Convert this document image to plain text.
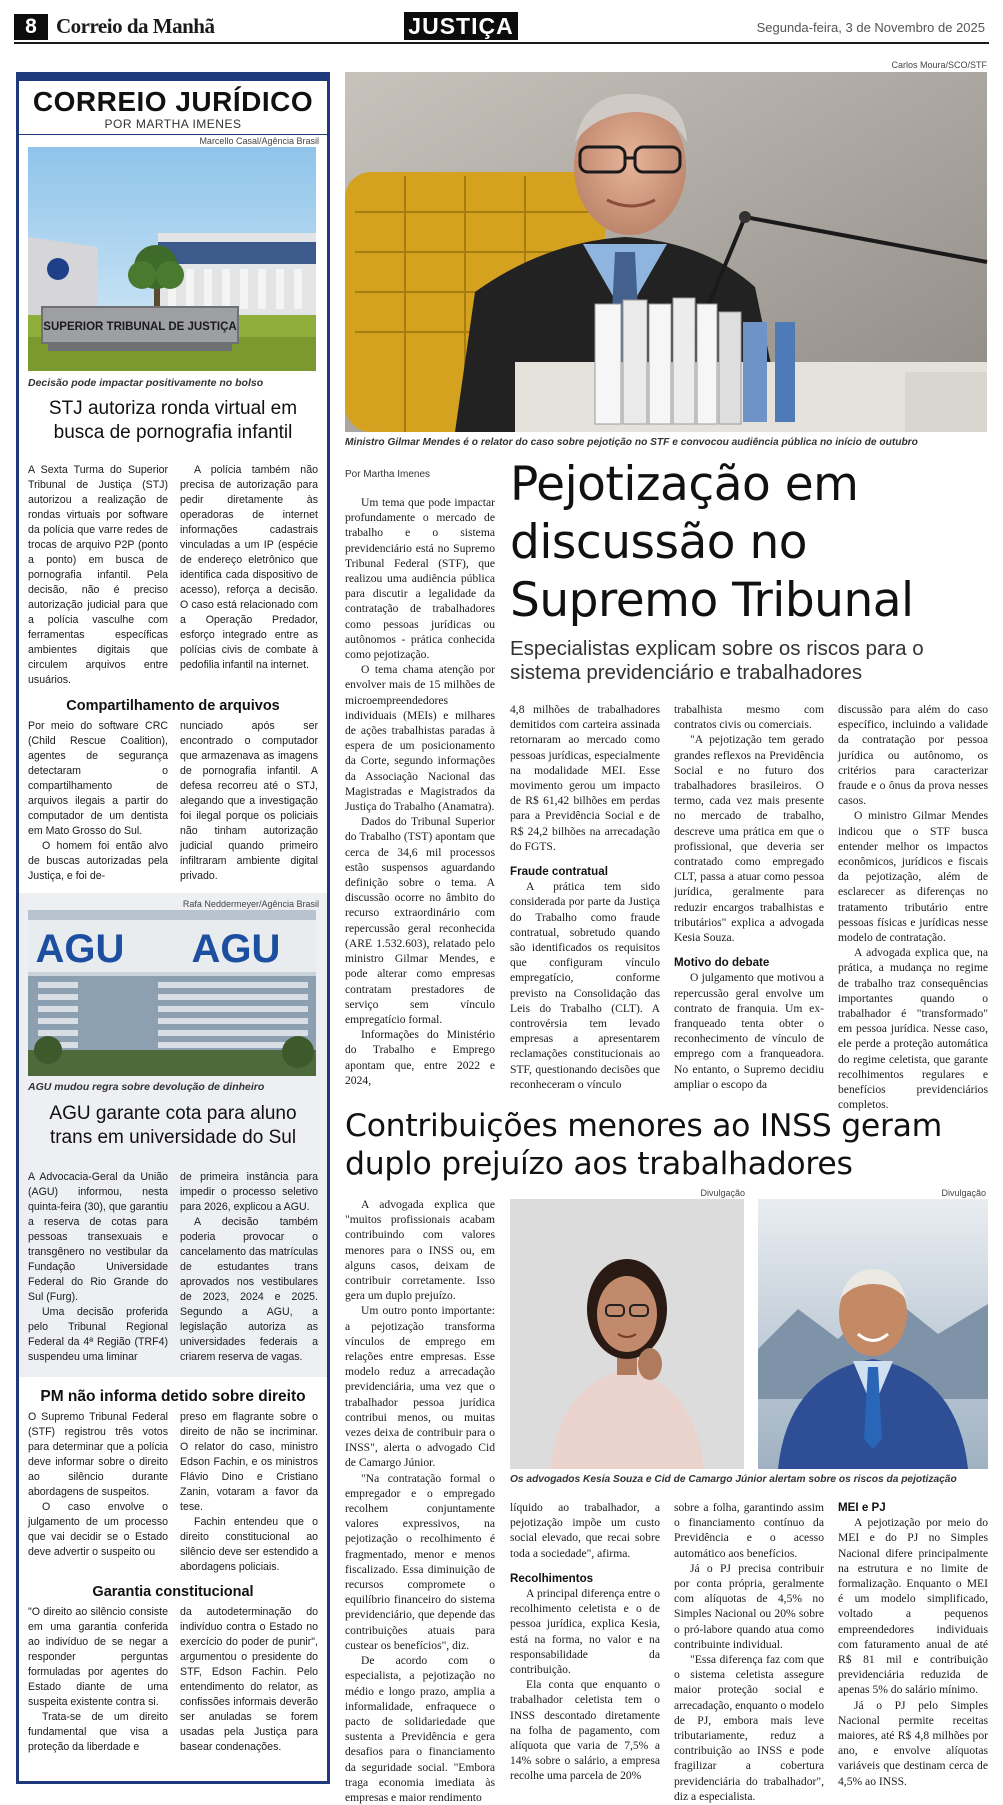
8 Correio da Manhã	JUSTIÇA	Segunda-feira, 3 de Novembro de 2025
CORREIO JURÍDICO
POR MARTHA IMENES
Marcello Casal/Agência Brasil
SUPERIOR TRIBUNAL DE JUSTIÇA
Decisão pode impactar positivamente no bolso
STJ autoriza ronda virtual em busca de pornografia infantil

A Sexta Turma do Superior Tribunal de Justiça (STJ) autorizou a realização de rondas virtuais por software da polícia que varre redes de trocas de arquivo P2P (ponto a ponto) em busca de pornografia infantil. Pela decisão, não é preciso autorização judicial para que a polícia vasculhe com ferramentas específicas ambientes digitais que circulem arquivos entre usuários.

A polícia também não precisa de autorização para pedir diretamente às operadoras de internet informações cadastrais vinculadas a um IP (espécie de endereço eletrônico que identifica cada dispositivo de acesso), reforça a decisão. O caso está relacionado com a Operação Predador, esforço integrado entre as polícias civis de combate à pedofilia infantil na internet.

Compartilhamento de arquivos

Por meio do software CRC (Child Rescue Coalition), agentes de segurança detectaram o compartilhamento de arquivos ilegais a partir do computador de um dentista em Mato Grosso do Sul.

O homem foi então alvo de buscas autorizadas pela Justiça, e foi de-

nunciado após ser encontrado o computador que armazenava as imagens de pornografia infantil. A defesa recorreu até o STJ, alegando que a investigação foi ilegal porque os policiais não tinham autorização judicial quando primeiro infiltraram ambiente digital privado.

Rafa Neddermeyer/Agência Brasil
AGU AGU
AGU mudou regra sobre devolução de dinheiro
AGU garante cota para aluno trans em universidade do Sul

A Advocacia-Geral da União (AGU) informou, nesta quinta-feira (30), que garantiu a reserva de cotas para pessoas transexuais e transgênero no vestibular da Fundação Universidade Federal do Rio Grande do Sul (Furg).

Uma decisão proferida pelo Tribunal Regional Federal da 4ª Região (TRF4) suspendeu uma liminar

de primeira instância para impedir o processo seletivo para 2026, explicou a AGU.

A decisão também poderia provocar o cancelamento das matrículas de estudantes trans aprovados nos vestibulares de 2023, 2024 e 2025. Segundo a AGU, a legislação autoriza as universidades federais a criarem reserva de vagas.

PM não informa detido sobre direito

O Supremo Tribunal Federal (STF) registrou três votos para determinar que a polícia deve informar sobre o direito ao silêncio durante abordagens de suspeitos.

O caso envolve o julgamento de um processo que vai decidir se o Estado deve advertir o suspeito ou

preso em flagrante sobre o direito de não se incriminar. O relator do caso, ministro Edson Fachin, e os ministros Flávio Dino e Cristiano Zanin, votaram a favor da tese.

Fachin entendeu que o direito constitucional ao silêncio deve ser estendido a abordagens policiais.

Garantia constitucional

"O direito ao silêncio consiste em uma garantia conferida ao indivíduo de se negar a responder perguntas formuladas por agentes do Estado diante de uma suspeita existente contra si.

Trata-se de um direito fundamental que visa a proteção da liberdade e

da autodeterminação do indivíduo contra o Estado no exercício do poder de punir", argumentou o presidente do STF, Edson Fachin. Pelo entendimento do relator, as confissões informais deverão ser anuladas se forem usadas pela Justiça para basear condenações.

Carlos Moura/SCO/STF
Ministro Gilmar Mendes é o relator do caso sobre pejotição no STF e convocou audiência pública no início de outubro
Por Martha Imenes Pejotização em discussão no Supremo Tribunal
Especialistas explicam sobre os riscos para o sistema previdenciário e trabalhadores

Um tema que pode impactar profundamente o mercado de trabalho e o sistema previdenciário está no Supremo Tribunal Federal (STF), que realizou uma audiência pública para discutir a legalidade da contratação de trabalhadores como pessoas jurídicas ou autônomos - prática conhecida como pejotização.

O tema chama atenção por envolver mais de 15 milhões de microempreendedores individuais (MEIs) e milhares de ações trabalhistas paradas à espera de um posicionamento da Corte, segundo informações da Associação Nacional das Magistradas e Magistrados da Justiça do Trabalho (Anamatra).

Dados do Tribunal Superior do Trabalho (TST) apontam que cerca de 34,6 mil processos estão suspensos aguardando definição sobre o tema. A discussão ocorre no âmbito do recurso extraordinário com repercussão geral reconhecida (ARE 1.532.603), relatado pelo ministro Gilmar Mendes, e pode alterar como empresas contratam prestadores de serviço sem vínculo empregatício formal.

Informações do Ministério do Trabalho e Emprego apontam que, entre 2022 e 2024,

4,8 milhões de trabalhadores demitidos com carteira assinada retornaram ao mercado como pessoas jurídicas, especialmente na modalidade MEI. Esse movimento gerou um impacto de R$ 61,42 bilhões em perdas para a Previdência Social e de R$ 24,2 bilhões na arrecadação do FGTS.

Fraude contratual

A prática tem sido considerada por parte da Justiça do Trabalho como fraude contratual, sobretudo quando são identificados os requisitos que configuram vínculo empregatício, conforme previsto na Consolidação das Leis do Trabalho (CLT). A controvérsia tem levado empresas a apresentarem reclamações constitucionais ao STF, questionando decisões que reconheceram o vínculo

trabalhista mesmo com contratos civis ou comerciais.

"A pejotização tem gerado grandes reflexos na Previdência Social e no futuro dos trabalhadores brasileiros. O termo, cada vez mais presente no mercado de trabalho, descreve uma prática em que o profissional, que deveria ser contratado como empregado CLT, passa a atuar como pessoa jurídica, geralmente para reduzir encargos trabalhistas e tributários" explica a advogada Kesia Souza.

Motivo do debate

O julgamento que motivou a repercussão geral envolve um contrato de franquia. Um ex-franqueado tenta obter o reconhecimento de vínculo de emprego com a franqueadora. No entanto, o Supremo decidiu ampliar o escopo da

discussão para além do caso específico, incluindo a validade da contratação por pessoa jurídica ou autônomo, os critérios para caracterizar fraude e o ônus da prova nesses casos.

O ministro Gilmar Mendes indicou que o STF busca entender melhor os impactos econômicos, jurídicos e fiscais da pejotização, além de esclarecer as diferenças no tratamento tributário entre pessoas físicas e jurídicas nesse modelo de contratação.

A advogada explica que, na prática, a mudança no regime de trabalho traz consequências importantes quando o trabalhador é "transformado" em pessoa jurídica. Nesse caso, ele perde a proteção automática do regime celetista, que garante recolhimentos regulares e benefícios previdenciários completos.

Contribuições menores ao INSS geram duplo prejuízo aos trabalhadores

A advogada explica que "muitos profissionais acabam contribuindo com valores menores para o INSS ou, em alguns casos, deixam de contribuir corretamente. Isso gera um duplo prejuízo.

Um outro ponto importante: a pejotização transforma vínculos de emprego em relações entre empresas. Esse modelo reduz a arrecadação previdenciária, uma vez que o trabalhador pessoa jurídica contribui menos, ou muitas vezes deixa de contribuir para o INSS", alerta o advogado Cid de Camargo Júnior.

"Na contratação formal o empregador e o empregado recolhem conjuntamente valores expressivos, na pejotização o recolhimento é fragmentado, menor e menos fiscalizado. Essa diminuição de recursos compromete o equilíbrio financeiro do sistema previdenciário, que depende das contribuições atuais para custear os benefícios", diz.

De acordo com o especialista, a pejotização no médio e longo prazo, amplia a informalidade, enfraquece o pacto de solidariedade que sustenta a Previdência e gera desafios para o financiamento da seguridade social. "Embora traga economia imediata às empresas e maior rendimento

Divulgação	Divulgação
Os advogados Kesia Souza e Cid de Camargo Júnior alertam sobre os riscos da pejotização

líquido ao trabalhador, a pejotização impõe um custo social elevado, que recai sobre toda a sociedade", afirma.

Recolhimentos

A principal diferença entre o recolhimento celetista e o de pessoa jurídica, explica Kesia, está na forma, no valor e na responsabilidade da contribuição.

Ela conta que enquanto o trabalhador celetista tem o INSS descontado diretamente na folha de pagamento, com alíquota que varia de 7,5% a 14% sobre o salário, a empresa recolhe uma parcela de 20%

sobre a folha, garantindo assim o financiamento contínuo da Previdência e o acesso automático aos benefícios.

Já o PJ precisa contribuir por conta própria, geralmente com alíquotas de 4,5% no Simples Nacional ou 20% sobre o pró-labore quando atua como contribuinte individual.

"Essa diferença faz com que o sistema celetista assegure maior proteção social e arrecadação, enquanto o modelo de PJ, embora mais leve tributariamente, reduz a contribuição ao INSS e pode fragilizar a cobertura previdenciária do trabalhador", diz a especialista.

MEI e PJ

A pejotização por meio do MEI e do PJ no Simples Nacional difere principalmente na estrutura e no limite de formalização. Enquanto o MEI é um modelo simplificado, voltado a pequenos empreendedores individuais com faturamento anual de até R$ 81 mil e contribuição previdenciária reduzida de apenas 5% do salário mínimo.

Já o PJ pelo Simples Nacional permite receitas maiores, até R$ 4,8 milhões por ano, e envolve alíquotas variáveis que destinam cerca de 4,5% ao INSS.
